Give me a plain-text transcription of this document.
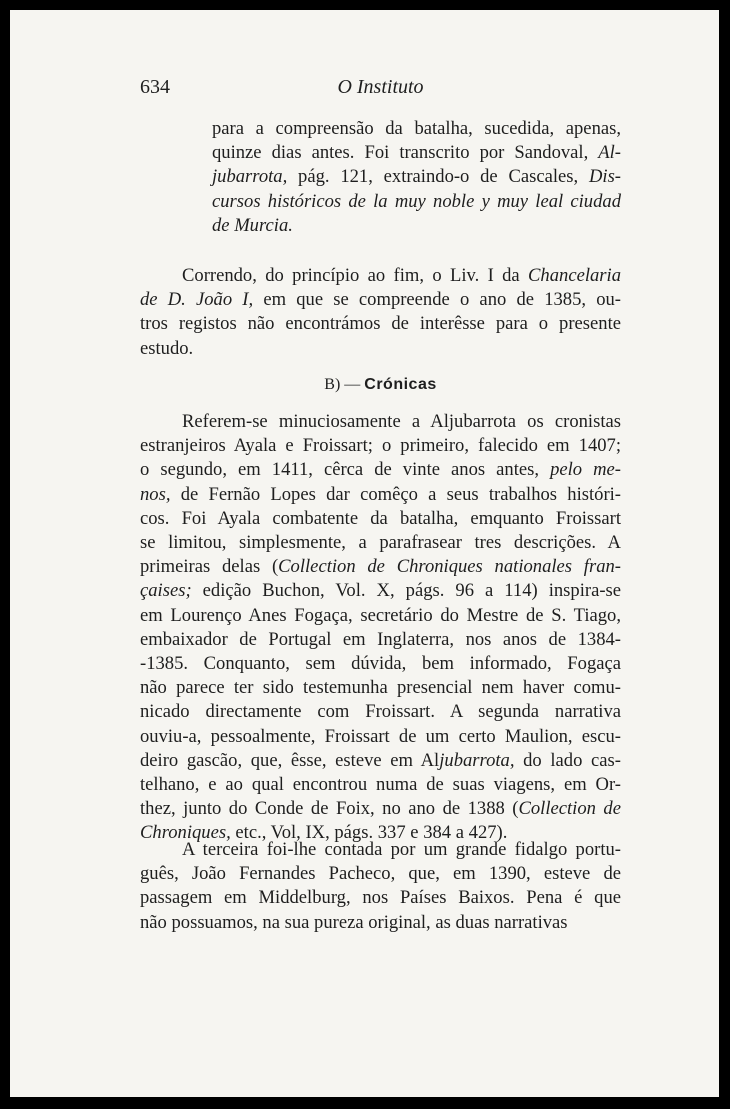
634	O Instituto
para a compreensão da batalha, sucedida, apenas,
quinze dias antes. Foi transcrito por Sandoval, Al-
jubarrota, pág. 121, extraindo-o de Cascales, Dis-
cursos históricos de la muy noble y muy leal ciudad
de Murcia.
Correndo, do princípio ao fim, o Liv. I da Chancelaria
de D. João I, em que se compreende o ano de 1385, ou-
tros registos não encontrámos de interêsse para o presente
estudo.
B) — Crónicas
Referem-se minuciosamente a Aljubarrota os cronistas
estranjeiros Ayala e Froissart; o primeiro, falecido em 1407;
o segundo, em 1411, cêrca de vinte anos antes, pelo me-
nos, de Fernão Lopes dar comêço a seus trabalhos históri-
cos. Foi Ayala combatente da batalha, emquanto Froissart
se limitou, simplesmente, a parafrasear tres descrições. A
primeiras delas (Collection de Chroniques nationales fran-
çaises; edição Buchon, Vol. X, págs. 96 a 114) inspira-se
em Lourenço Anes Fogaça, secretário do Mestre de S. Tiago,
embaixador de Portugal em Inglaterra, nos anos de 1384-
-1385. Conquanto, sem dúvida, bem informado, Fogaça
não parece ter sido testemunha presencial nem haver comu-
nicado directamente com Froissart. A segunda narrativa
ouviu-a, pessoalmente, Froissart de um certo Maulion, escu-
deiro gascão, que, êsse, esteve em Aljubarrota, do lado cas-
telhano, e ao qual encontrou numa de suas viagens, em Or-
thez, junto do Conde de Foix, no ano de 1388 (Collection de
Chroniques, etc., Vol, IX, págs. 337 e 384 a 427).
A terceira foi-lhe contada por um grande fidalgo portu-
guês, João Fernandes Pacheco, que, em 1390, esteve de
passagem em Middelburg, nos Países Baixos. Pena é que
não possuamos, na sua pureza original, as duas narrativas
